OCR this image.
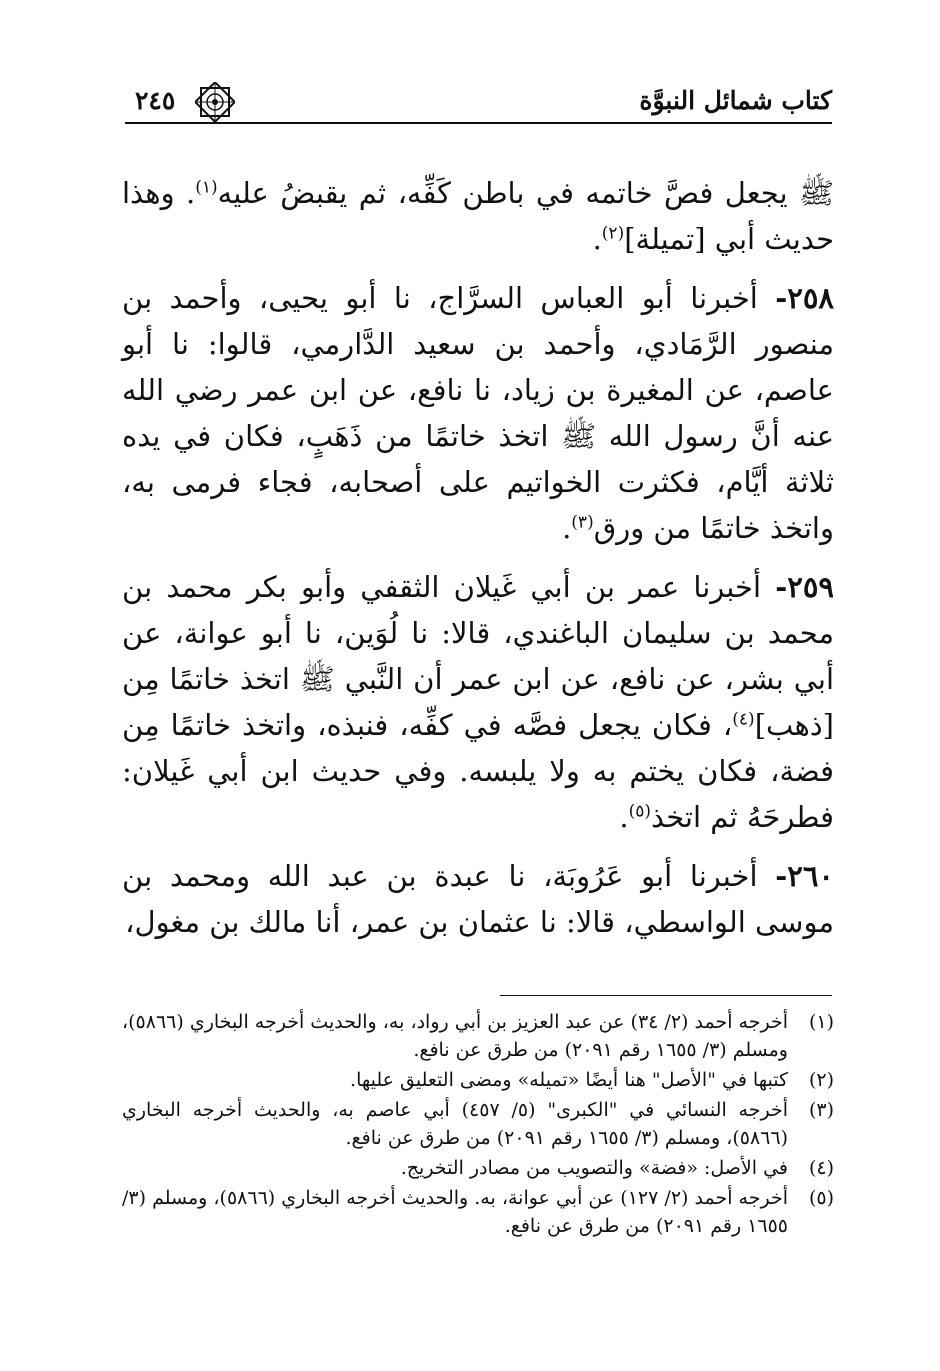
كتاب شمائل النبوَّة
٢٤٥

ﷺ يجعل فصَّ خاتمه في باطن كَفِّه، ثم يقبضُ عليه$^{(١)}$. وهذا حديث أبي [تميلة]$^{(٢)}$.

٢٥٨- أخبرنا أبو العباس السرَّاج، نا أبو يحيى، وأحمد بن منصور الرَّمَادي، وأحمد بن سعيد الدَّارمي، قالوا: نا أبو عاصم، عن المغيرة بن زياد، نا نافع، عن ابن عمر رضي الله عنه أنَّ رسول الله ﷺ اتخذ خاتمًا من ذَهَبٍ، فكان في يده ثلاثة أيَّام، فكثرت الخواتيم على أصحابه، فجاء فرمى به، واتخذ خاتمًا من ورق$^{(٣)}$.

٢٥٩- أخبرنا عمر بن أبي غَيلان الثقفي وأبو بكر محمد بن محمد بن سليمان الباغندي، قالا: نا لُوَين، نا أبو عوانة، عن أبي بشر، عن نافع، عن ابن عمر أن النَّبي ﷺ اتخذ خاتمًا مِن [ذهب]$^{(٤)}$، فكان يجعل فصَّه في كفِّه، فنبذه، واتخذ خاتمًا مِن فضة، فكان يختم به ولا يلبسه. وفي حديث ابن أبي غَيلان: فطرحَهُ ثم اتخذ$^{(٥)}$.

٢٦٠- أخبرنا أبو عَرُوبَة، نا عبدة بن عبد الله ومحمد بن موسى الواسطي، قالا: نا عثمان بن عمر، أنا مالك بن مغول،

(١)
أخرجه أحمد (٢/ ٣٤) عن عبد العزيز بن أبي رواد، به، والحديث أخرجه البخاري (٥٨٦٦)، ومسلم (٣/ ١٦٥٥ رقم ٢٠٩١) من طرق عن نافع.
(٢)
كتبها في "الأصل" هنا أيضًا «تميله» ومضى التعليق عليها.
(٣)
أخرجه النسائي في "الكبرى" (٥/ ٤٥٧) أبي عاصم به، والحديث أخرجه البخاري (٥٨٦٦)، ومسلم (٣/ ١٦٥٥ رقم ٢٠٩١) من طرق عن نافع.
(٤)
في الأصل: «فضة» والتصويب من مصادر التخريج.
(٥)
أخرجه أحمد (٢/ ١٢٧) عن أبي عوانة، به. والحديث أخرجه البخاري (٥٨٦٦)، ومسلم (٣/ ١٦٥٥ رقم ٢٠٩١) من طرق عن نافع.
